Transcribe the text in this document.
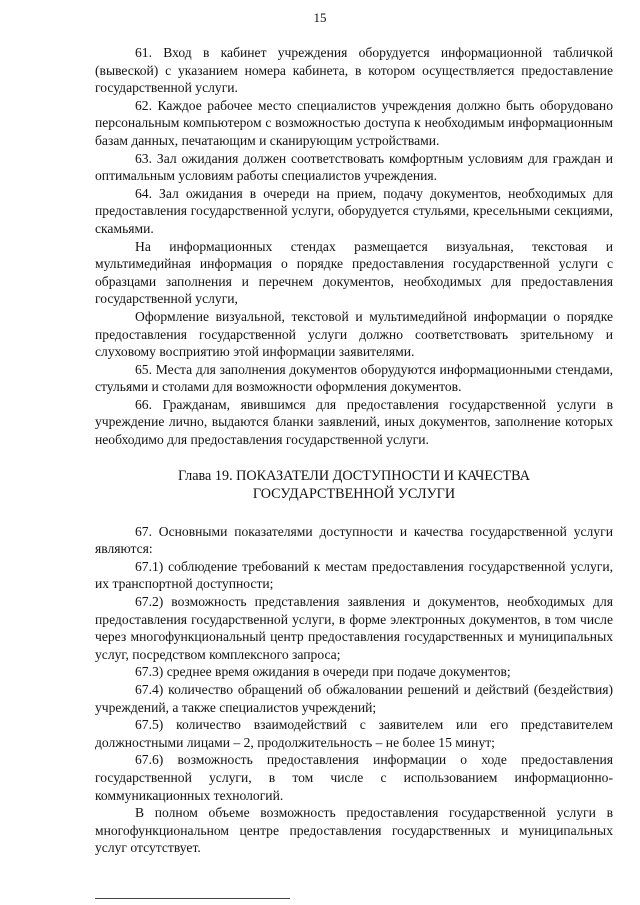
15

61. Вход в кабинет учреждения оборудуется информационной табличкой (вывеской) с указанием номера кабинета, в котором осуществляется предоставление государственной услуги.

62. Каждое рабочее место специалистов учреждения должно быть оборудовано персональным компьютером с возможностью доступа к необходимым информационным базам данных, печатающим и сканирующим устройствами.

63. Зал ожидания должен соответствовать комфортным условиям для граждан и оптимальным условиям работы специалистов учреждения.

64. Зал ожидания в очереди на прием, подачу документов, необходимых для предоставления государственной услуги, оборудуется стульями, кресельными секциями, скамьями.

На информационных стендах размещается визуальная, текстовая и мультимедийная информация о порядке предоставления государственной услуги с образцами заполнения и перечнем документов, необходимых для предоставления государственной услуги,

Оформление визуальной, текстовой и мультимедийной информации о порядке предоставления государственной услуги должно соответствовать зрительному и слуховому восприятию этой информации заявителями.

65. Места для заполнения документов оборудуются информационными стендами, стульями и столами для возможности оформления документов.

66. Гражданам, явившимся для предоставления государственной услуги в учреждение лично, выдаются бланки заявлений, иных документов, заполнение которых необходимо для предоставления государственной услуги.

Глава 19. ПОКАЗАТЕЛИ ДОСТУПНОСТИ И КАЧЕСТВА
ГОСУДАРСТВЕННОЙ УСЛУГИ

67. Основными показателями доступности и качества государственной услуги являются:

67.1) соблюдение требований к местам предоставления государственной услуги, их транспортной доступности;

67.2) возможность представления заявления и документов, необходимых для предоставления государственной услуги, в форме электронных документов, в том числе через многофункциональный центр предоставления государственных и муниципальных услуг, посредством комплексного запроса;

67.3) среднее время ожидания в очереди при подаче документов;

67.4) количество обращений об обжаловании решений и действий (бездействия) учреждений, а также специалистов учреждений;

67.5) количество взаимодействий с заявителем или его представителем должностными лицами – 2, продолжительность – не более 15 минут;

67.6) возможность предоставления информации о ходе предоставления государственной услуги, в том числе с использованием информационно-коммуникационных технологий.

В полном объеме возможность предоставления государственной услуги в многофункциональном центре предоставления государственных и муниципальных услуг отсутствует.
